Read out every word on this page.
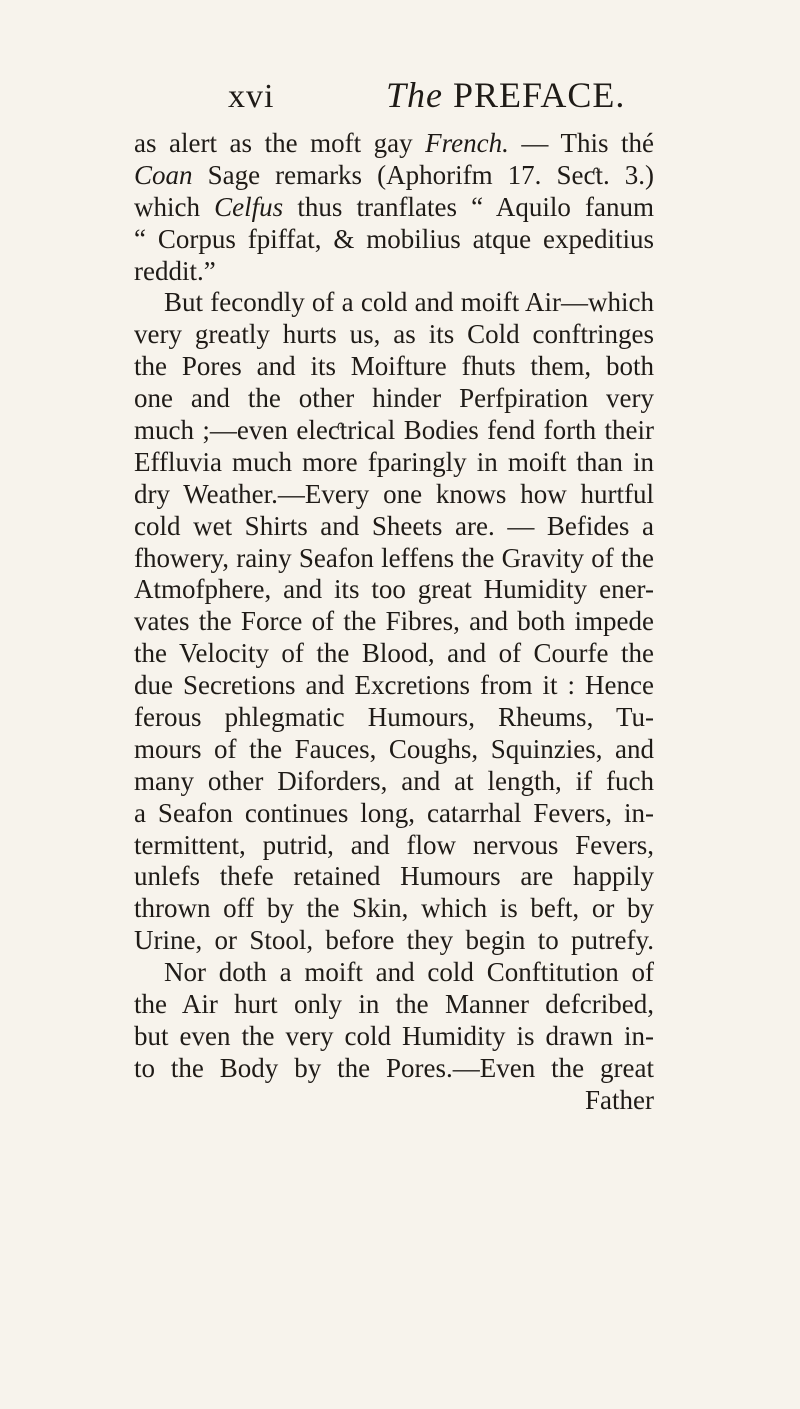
xvi	The PREFACE.
as alert as the moft gay French. — This thé
Coan Sage remarks (Aphorifm 17. Seƈt. 3.)
which Celfus thus tranflates “ Aquilo fanum
“ Corpus fpiffat, & mobilius atque expeditius
reddit.”
But fecondly of a cold and moift Air—which
very greatly hurts us, as its Cold conftringes
the Pores and its Moifture fhuts them, both
one and the other hinder Perfpiration very
much ;—even eleƈtrical Bodies fend forth their
Effluvia much more fparingly in moift than in
dry Weather.—Every one knows how hurtful
cold wet Shirts and Sheets are. — Befides a
fhowery, rainy Seafon leffens the Gravity of the
Atmofphere, and its too great Humidity ener-
vates the Force of the Fibres, and both impede
the Velocity of the Blood, and of Courfe the
due Secretions and Excretions from it : Hence
ferous phlegmatic Humours, Rheums, Tu-
mours of the Fauces, Coughs, Squinzies, and
many other Diforders, and at length, if fuch
a Seafon continues long, catarrhal Fevers, in-
termittent, putrid, and flow nervous Fevers,
unlefs thefe retained Humours are happily
thrown off by the Skin, which is beft, or by
Urine, or Stool, before they begin to putrefy.
Nor doth a moift and cold Conftitution of
the Air hurt only in the Manner defcribed,
but even the very cold Humidity is drawn in-
to the Body by the Pores.—Even the great
Father
